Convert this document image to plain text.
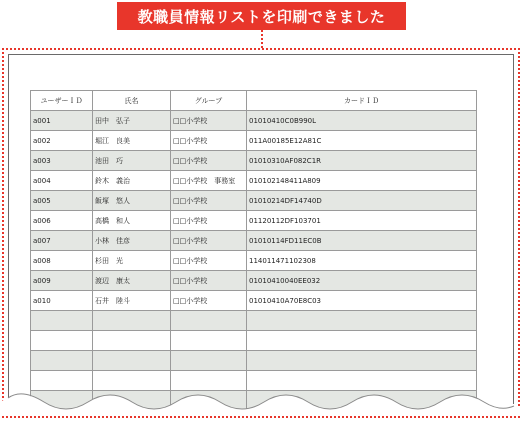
教職員情報リストを印刷できました
ユーザーＩＤ	氏名	グループ	カードＩＤ
a001	田中　弘子	□□小学校	01010410C0B990L
a002	堀江　良美	□□小学校	011A00185E12A81C
a003	池田　巧	□□小学校	01010310AF082C1R
a004	鈴木　義治	□□小学校　事務室	010102148411A809
a005	飯塚　悠人	□□小学校	01010214DF14740D
a006	高橋　和人	□□小学校	01120112DF103701
a007	小林　佳彦	□□小学校	01010114FD11EC0B
a008	杉田　光	□□小学校	114011471102308
a009	渡辺　康太	□□小学校	01010410040EE032
a010	石井　陸斗	□□小学校	01010410A70E8C03
